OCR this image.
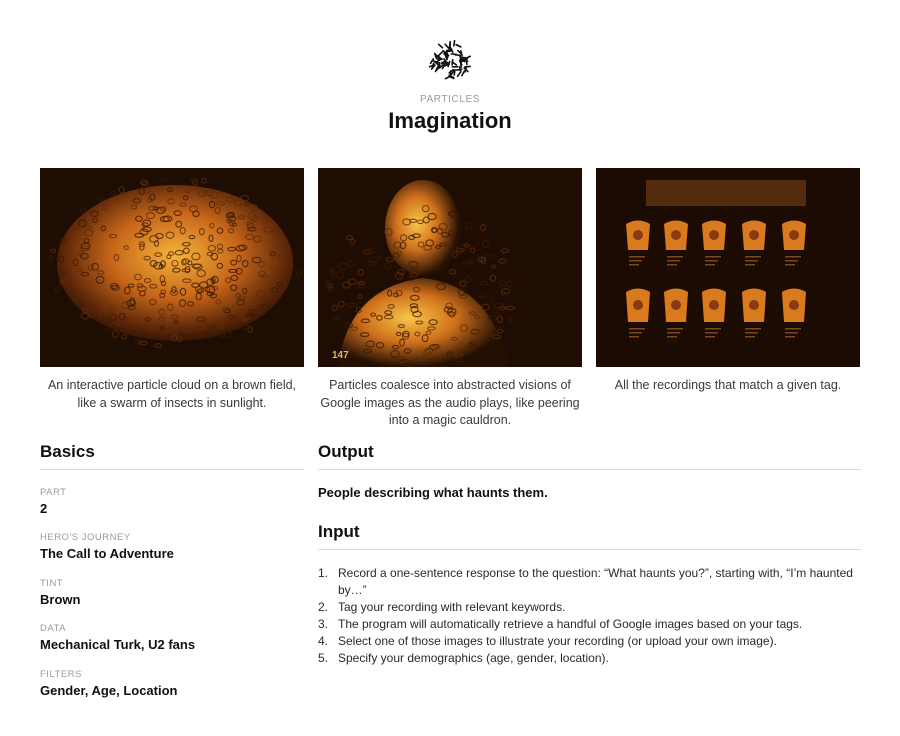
PARTICLES
Imagination
147
An interactive particle cloud on a brown field, like a swarm of insects in sunlight.
Particles coalesce into abstracted visions of Google images as the audio plays, like peering into a magic cauldron.
All the recordings that match a given tag.
Basics
PART
2
HERO'S JOURNEY
The Call to Adventure
TINT
Brown
DATA
Mechanical Turk, U2 fans
FILTERS
Gender, Age, Location
Output
People describing what haunts them.
Input
1. Record a one-sentence response to the question: “What haunts you?”, starting with, “I’m haunted by…”
2. Tag your recording with relevant keywords.
3. The program will automatically retrieve a handful of Google images based on your tags.
4. Select one of those images to illustrate your recording (or upload your own image).
5. Specify your demographics (age, gender, location).
